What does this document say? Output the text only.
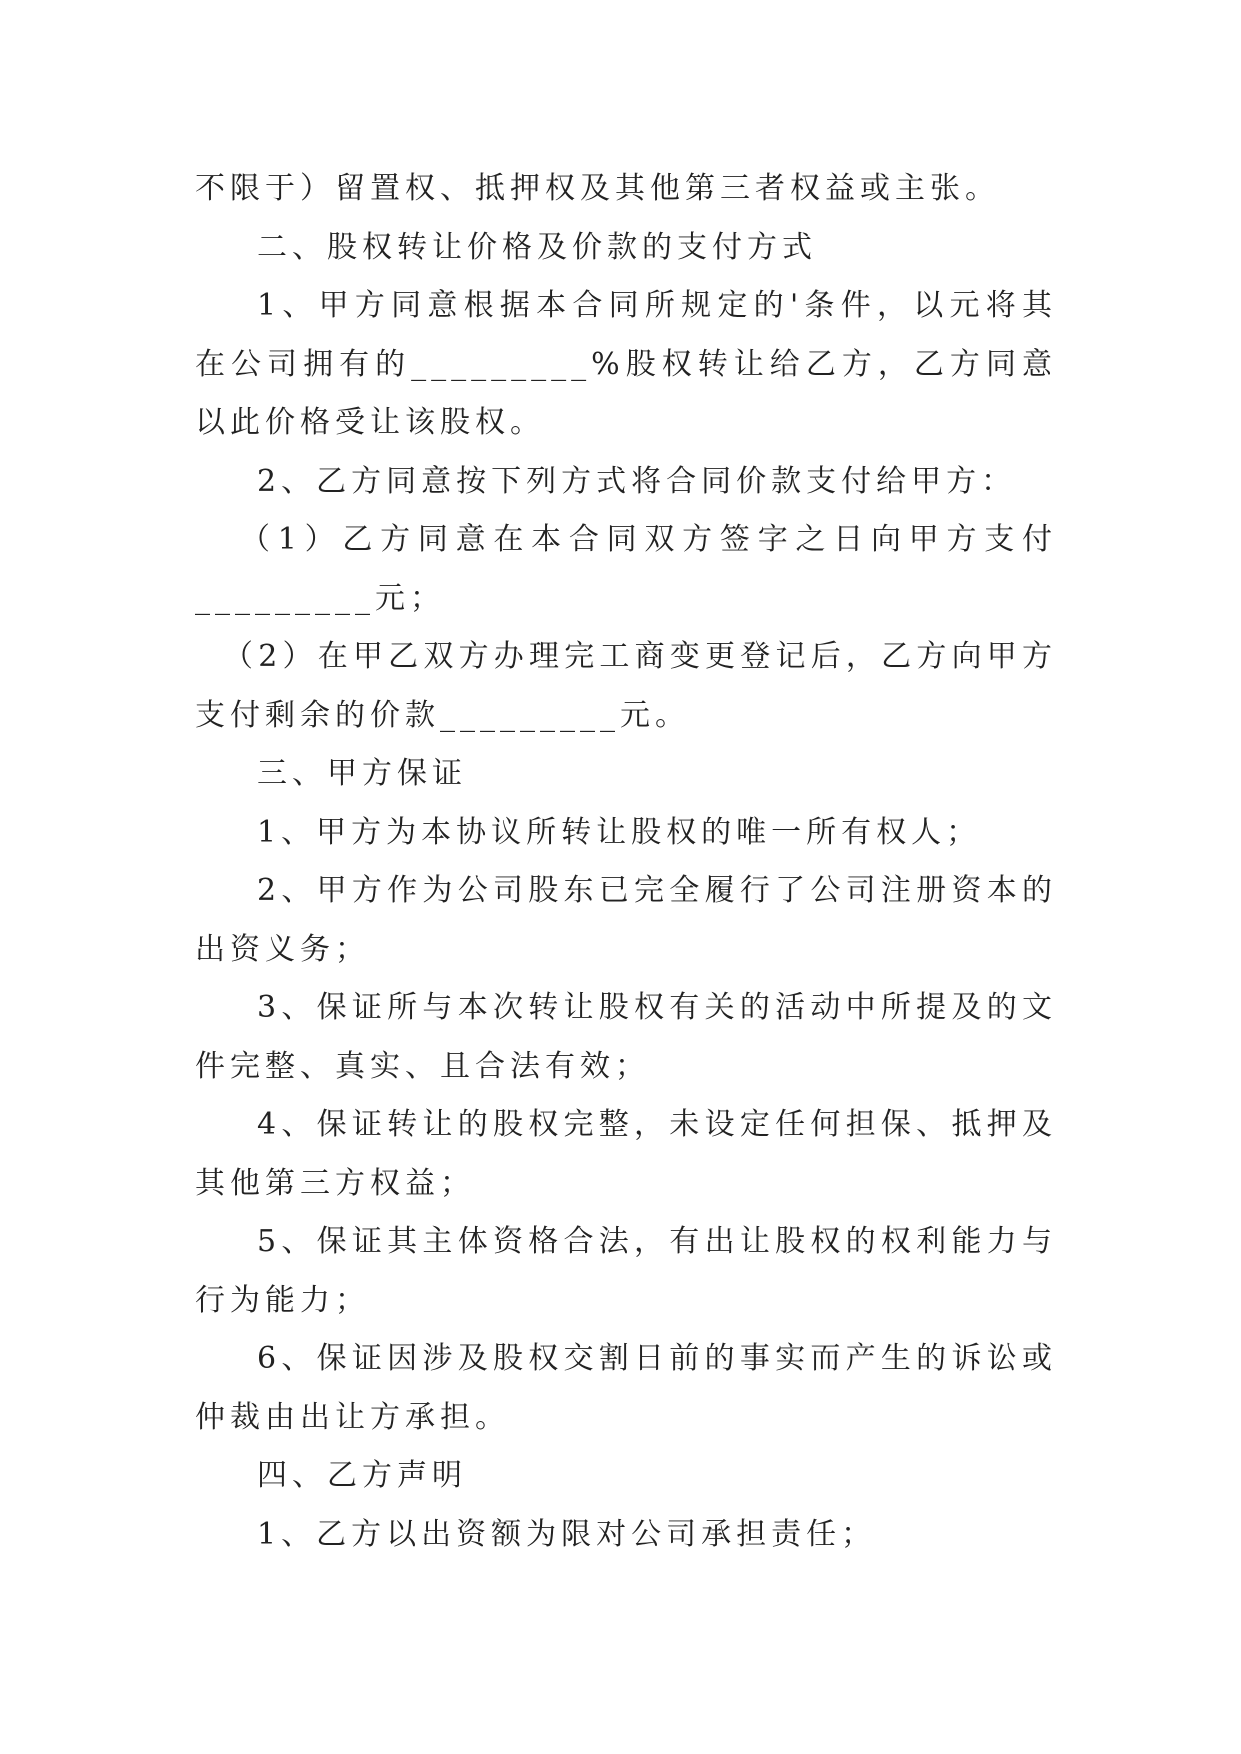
不限于）留置权、抵押权及其他第三者权益或主张。

二、股权转让价格及价款的支付方式

1、甲方同意根据本合同所规定的'条件，以元将其在公司拥有的_________%股权转让给乙方，乙方同意以此价格受让该股权。

2、乙方同意按下列方式将合同价款支付给甲方：

（1）乙方同意在本合同双方签字之日向甲方支付_________元；

（2）在甲乙双方办理完工商变更登记后，乙方向甲方支付剩余的价款_________元。

三、甲方保证

1、甲方为本协议所转让股权的唯一所有权人；

2、甲方作为公司股东已完全履行了公司注册资本的出资义务；

3、保证所与本次转让股权有关的活动中所提及的文件完整、真实、且合法有效；

4、保证转让的股权完整，未设定任何担保、抵押及其他第三方权益；

5、保证其主体资格合法，有出让股权的权利能力与行为能力；

6、保证因涉及股权交割日前的事实而产生的诉讼或仲裁由出让方承担。

四、乙方声明

1、乙方以出资额为限对公司承担责任；
